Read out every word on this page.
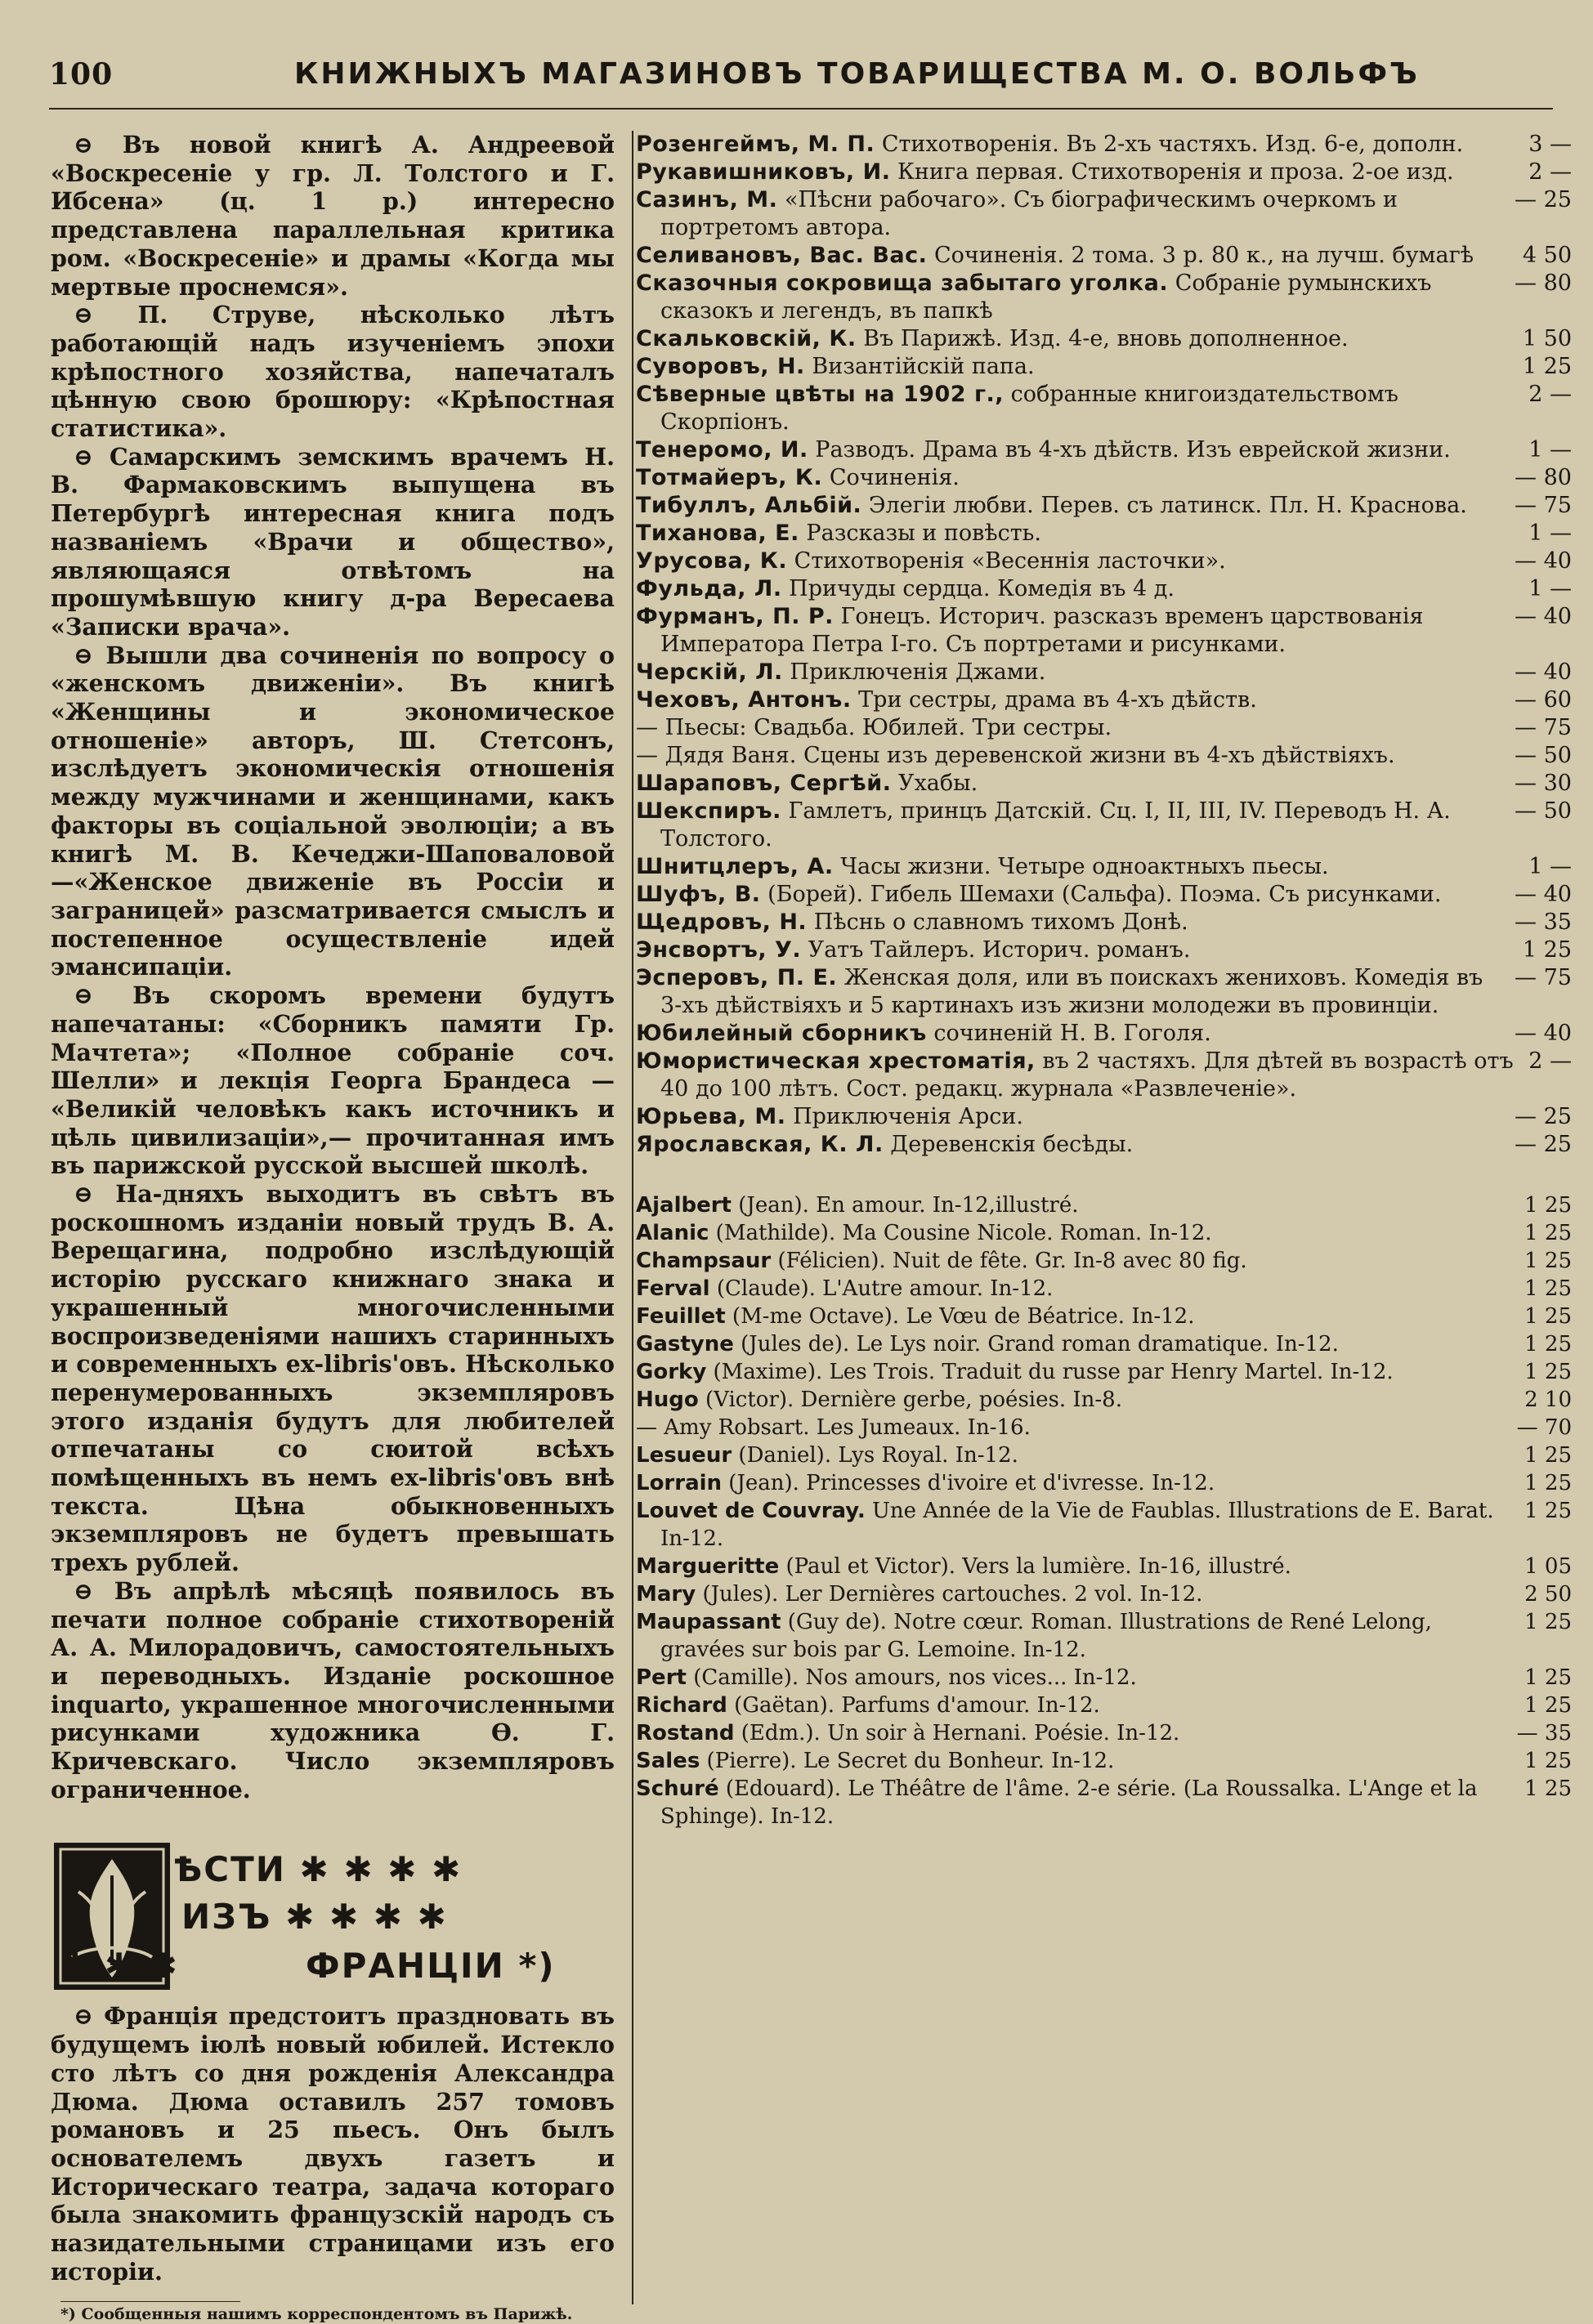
100	КНИЖНЫХЪ МАГАЗИНОВЪ ТОВАРИЩЕСТВА М. О. ВОЛЬФЪ

⊖ Въ новой книгѣ А. Андреевой «Воскресеніе у гр. Л. Толстого и Г. Ибсена» (ц. 1 р.) интересно представлена параллельная критика ром. «Воскресеніе» и драмы «Когда мы мертвые проснемся».

⊖ П. Струве, нѣсколько лѣтъ работающій надъ изученіемъ эпохи крѣпостного хозяйства, напечаталъ цѣнную свою брошюру: «Крѣпостная статистика».

⊖ Самарскимъ земскимъ врачемъ Н. В. Фармаковскимъ выпущена въ Петербургѣ интересная книга подъ названіемъ «Врачи и общество», являющаяся отвѣтомъ на прошумѣвшую книгу д-ра Вересаева «Записки врача».

⊖ Вышли два сочиненія по вопросу о «женскомъ движеніи». Въ книгѣ «Женщины и экономическое отношеніе» авторъ, Ш. Стетсонъ, изслѣдуетъ экономическія отношенія между мужчинами и женщинами, какъ факторы въ соціальной эволюціи; а въ книгѣ М. В. Кечеджи-Шаповаловой—«Женское движеніе въ Россіи и заграницей» разсматривается смыслъ и постепенное осуществленіе идей эмансипаціи.

⊖ Въ скоромъ времени будутъ напечатаны: «Сборникъ памяти Гр. Мачтета»; «Полное собраніе соч. Шелли» и лекція Георга Брандеса — «Великій человѣкъ какъ источникъ и цѣль цивилизаціи»,— прочитанная имъ въ парижской русской высшей школѣ.

⊖ На-дняхъ выходитъ въ свѣтъ въ роскошномъ изданіи новый трудъ В. А. Верещагина, подробно изслѣдующій исторію русскаго книжнаго знака и украшенный многочисленными воспроизведеніями нашихъ старинныхъ и современныхъ ex-libris'овъ. Нѣсколько перенумерованныхъ экземпляровъ этого изданія будутъ для любителей отпечатаны со сюитой всѣхъ помѣщенныхъ въ немъ ex-libris'овъ внѣ текста. Цѣна обыкновенныхъ экземпляровъ не будетъ превышать трехъ рублей.

⊖ Въ апрѣлѣ мѣсяцѣ появилось въ печати полное собраніе стихотвореній А. А. Милорадовичъ, самостоятельныхъ и переводныхъ. Изданіе роскошное inquarto, украшенное многочисленными рисунками художника Ѳ. Г. Кричевскаго. Число экземпляровъ ограниченное.

ѢСТИ ✱ ✱ ✱ ✱
ИЗЪ ✱ ✱ ✱ ✱
✱ ✱ ✱	ФРАНЦІИ *)

⊖ Франція предстоитъ праздновать въ будущемъ іюлѣ новый юбилей. Истекло сто лѣтъ со дня рожденія Александра Дюма. Дюма оставилъ 257 томовъ романовъ и 25 пьесъ. Онъ былъ основателемъ двухъ газетъ и Историческаго театра, задача котораго была знакомить французскій народъ съ назидательными страницами изъ его исторіи.

*) Сообщенныя нашимъ корреспондентомъ въ Парижѣ.

3 —
Розенгеймъ, М. П. Стихотворенія. Въ 2-хъ частяхъ. Изд. 6-е, дополн.
2 —
Рукавишниковъ, И. Книга первая. Стихотворенія и проза. 2-ое изд.
— 25
Сазинъ, М. «Пѣсни рабочаго». Съ біографическимъ очеркомъ и портретомъ автора.
4 50
Селивановъ, Вас. Вас. Сочиненія. 2 тома. 3 р. 80 к., на лучш. бумагѣ
— 80
Сказочныя сокровища забытаго уголка. Собраніе румынскихъ сказокъ и легендъ, въ папкѣ
1 50
Скальковскій, К. Въ Парижѣ. Изд. 4-е, вновь дополненное.
1 25
Суворовъ, Н. Византійскій папа.
2 —
Сѣверные цвѣты на 1902 г., собранные книгоиздательствомъ Скорпіонъ.
1 —
Тенеромо, И. Разводъ. Драма въ 4-хъ дѣйств. Изъ еврейской жизни.
— 80
Тотмайеръ, К. Сочиненія.
— 75
Тибуллъ, Альбій. Элегіи любви. Перев. съ латинск. Пл. Н. Краснова.
1 —
Тиханова, Е. Разсказы и повѣсть.
— 40
Урусова, К. Стихотворенія «Весеннія ласточки».
1 —
Фульда, Л. Причуды сердца. Комедія въ 4 д.
— 40
Фурманъ, П. Р. Гонецъ. Историч. разсказъ временъ царствованія Императора Петра I-го. Съ портретами и рисунками.
— 40
Черскій, Л. Приключенія Джами.
— 60
Чеховъ, Антонъ. Три сестры, драма въ 4-хъ дѣйств.
— 75
— Пьесы: Свадьба. Юбилей. Три сестры.
— 50
— Дядя Ваня. Сцены изъ деревенской жизни въ 4-хъ дѣйствіяхъ.
— 30
Шараповъ, Сергѣй. Ухабы.
— 50
Шекспиръ. Гамлетъ, принцъ Датскій. Сц. I, II, III, IV. Переводъ Н. А. Толстого.
1 —
Шнитцлеръ, А. Часы жизни. Четыре одноактныхъ пьесы.
— 40
Шуфъ, В. (Борей). Гибель Шемахи (Сальфа). Поэма. Съ рисунками.
— 35
Щедровъ, Н. Пѣснь о славномъ тихомъ Донѣ.
1 25
Энсвортъ, У. Уатъ Тайлеръ. Историч. романъ.
— 75
Эсперовъ, П. Е. Женская доля, или въ поискахъ жениховъ. Комедія въ 3-хъ дѣйствіяхъ и 5 картинахъ изъ жизни молодежи въ провинціи.
— 40
Юбилейный сборникъ сочиненій Н. В. Гоголя.
2 —
Юмористическая хрестоматія, въ 2 частяхъ. Для дѣтей въ возрастѣ отъ 40 до 100 лѣтъ. Сост. редакц. журнала «Развлеченіе».
— 25
Юрьева, М. Приключенія Арси.
— 25
Ярославская, К. Л. Деревенскія бесѣды.
1 25
Ajalbert (Jean). En amour. In-12,illustré.
1 25
Alanic (Mathilde). Ma Cousine Nicole. Roman. In-12.
1 25
Champsaur (Félicien). Nuit de fête. Gr. In-8 avec 80 fig.
1 25
Ferval (Claude). L'Autre amour. In-12.
1 25
Feuillet (M-me Octave). Le Vœu de Béatrice. In-12.
1 25
Gastyne (Jules de). Le Lys noir. Grand roman dramatique. In-12.
1 25
Gorky (Maxime). Les Trois. Traduit du russe par Henry Martel. In-12.
2 10
Hugo (Victor). Dernière gerbe, poésies. In-8.
— 70
— Amy Robsart. Les Jumeaux. In-16.
1 25
Lesueur (Daniel). Lys Royal. In-12.
1 25
Lorrain (Jean). Princesses d'ivoire et d'ivresse. In-12.
1 25
Louvet de Couvray. Une Année de la Vie de Faublas. Illustrations de E. Barat. In-12.
1 05
Margueritte (Paul et Victor). Vers la lumière. In-16, illustré.
2 50
Mary (Jules). Ler Dernières cartouches. 2 vol. In-12.
1 25
Maupassant (Guy de). Notre cœur. Roman. Illustrations de René Lelong, gravées sur bois par G. Lemoine. In-12.
1 25
Pert (Camille). Nos amours, nos vices... In-12.
1 25
Richard (Gaëtan). Parfums d'amour. In-12.
— 35
Rostand (Edm.). Un soir à Hernani. Poésie. In-12.
1 25
Sales (Pierre). Le Secret du Bonheur. In-12.
1 25
Schuré (Edouard). Le Théâtre de l'âme. 2-e série. (La Roussalka. L'Ange et la Sphinge). In-12.
